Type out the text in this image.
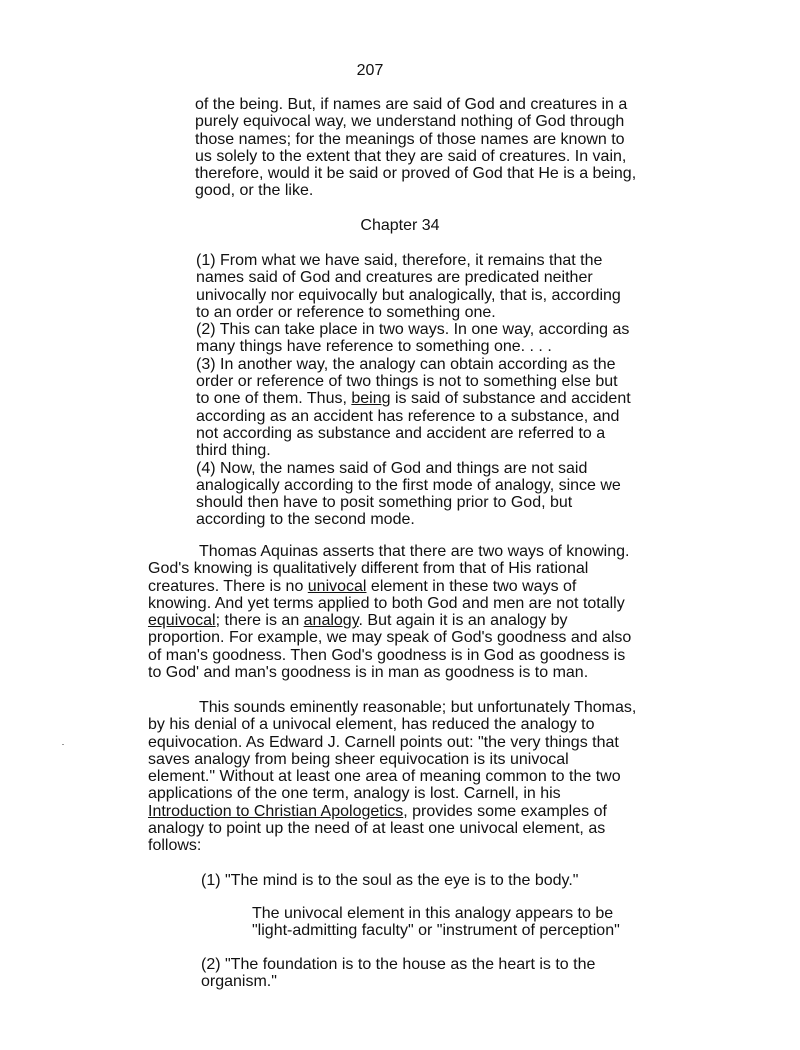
207
of the being. But, if names are said of God and creatures in a
purely equivocal way, we understand nothing of God through
those names; for the meanings of those names are known to
us solely to the extent that they are said of creatures. In vain,
therefore, would it be said or proved of God that He is a being,
good, or the like.
Chapter 34
(1) From what we have said, therefore, it remains that the
names said of God and creatures are predicated neither
univocally nor equivocally but analogically, that is, according
to an order or reference to something one.
(2) This can take place in two ways. In one way, according as
many things have reference to something one. . . .
(3) In another way, the analogy can obtain according as the
order or reference of two things is not to something else but
to one of them. Thus, being is said of substance and accident
according as an accident has reference to a substance, and
not according as substance and accident are referred to a
third thing.
(4) Now, the names said of God and things are not said
analogically according to the first mode of analogy, since we
should then have to posit something prior to God, but
according to the second mode.
Thomas Aquinas asserts that there are two ways of knowing.
God's knowing is qualitatively different from that of His rational
creatures. There is no univocal element in these two ways of
knowing. And yet terms applied to both God and men are not totally
equivocal; there is an analogy. But again it is an analogy by
proportion. For example, we may speak of God's goodness and also
of man's goodness. Then God's goodness is in God as goodness is
to God' and man's goodness is in man as goodness is to man.
This sounds eminently reasonable; but unfortunately Thomas,
by his denial of a univocal element, has reduced the analogy to
equivocation. As Edward J. Carnell points out: "the very things that
saves analogy from being sheer equivocation is its univocal
element." Without at least one area of meaning common to the two
applications of the one term, analogy is lost. Carnell, in his
Introduction to Christian Apologetics, provides some examples of
analogy to point up the need of at least one univocal element, as
follows:
(1) "The mind is to the soul as the eye is to the body."
The univocal element in this analogy appears to be
"light-admitting faculty" or "instrument of perception"
(2) "The foundation is to the house as the heart is to the
organism."
